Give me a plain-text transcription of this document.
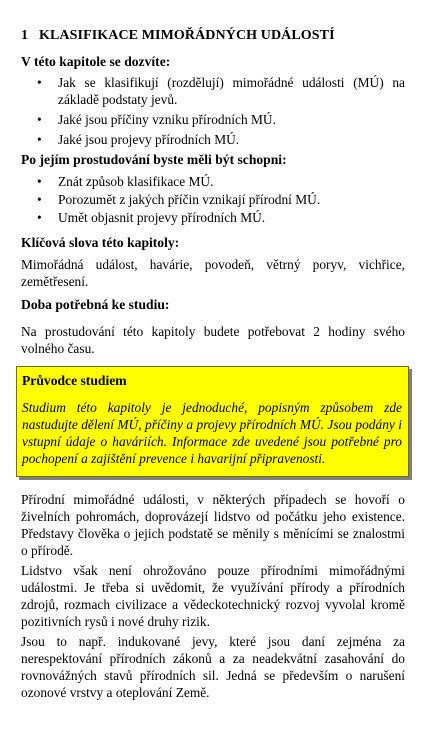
1 KLASIFIKACE MIMOŘÁDNÝCH UDÁLOSTÍ
V této kapitole se dozvíte:
• Jak se klasifikují (rozdělují) mimořádné události (MÚ) na základě podstaty jevů.
• Jaké jsou příčiny vzniku přírodních MÚ.
• Jaké jsou projevy přírodních MÚ.
Po jejím prostudování byste měli být schopni:
• Znát způsob klasifikace MÚ.
• Porozumět z jakých příčin vznikají přírodní MÚ.
• Umět objasnit projevy přírodních MÚ.
Klíčová slova této kapitoly:
Mimořádná událost, havárie, povodeň, větrný poryv, vichřice, zemětřesení.
Doba potřebná ke studiu:
Na prostudování této kapitoly budete potřebovat 2 hodiny svého volného času.
Průvodce studiem
Studium této kapitoly je jednoduché, popisným způsobem zde nastudujte dělení MÚ, příčiny a projevy přírodních MÚ. Jsou podány i vstupní údaje o haváriích. Informace zde uvedené jsou potřebné pro pochopení a zajištění prevence i havarijní připravenosti.
Přírodní mimořádné události, v některých případech se hovoří o živelních pohromách, doprovázejí lidstvo od počátku jeho existence. Představy člověka o jejich podstatě se měnily s měnícími se znalostmi o přírodě.
Lidstvo však není ohrožováno pouze přírodními mimořádnými událostmi. Je třeba si uvědomit, že využívání přírody a přírodních zdrojů, rozmach civilizace a vědeckotechnický rozvoj vyvolal kromě pozitivních rysů i nové druhy rizik.
Jsou to např. indukované jevy, které jsou daní zejména za nerespektování přírodních zákonů a za neadekvátní zasahování do rovnovážných stavů přírodních sil. Jedná se především o narušení ozonové vrstvy a oteplování Země.
